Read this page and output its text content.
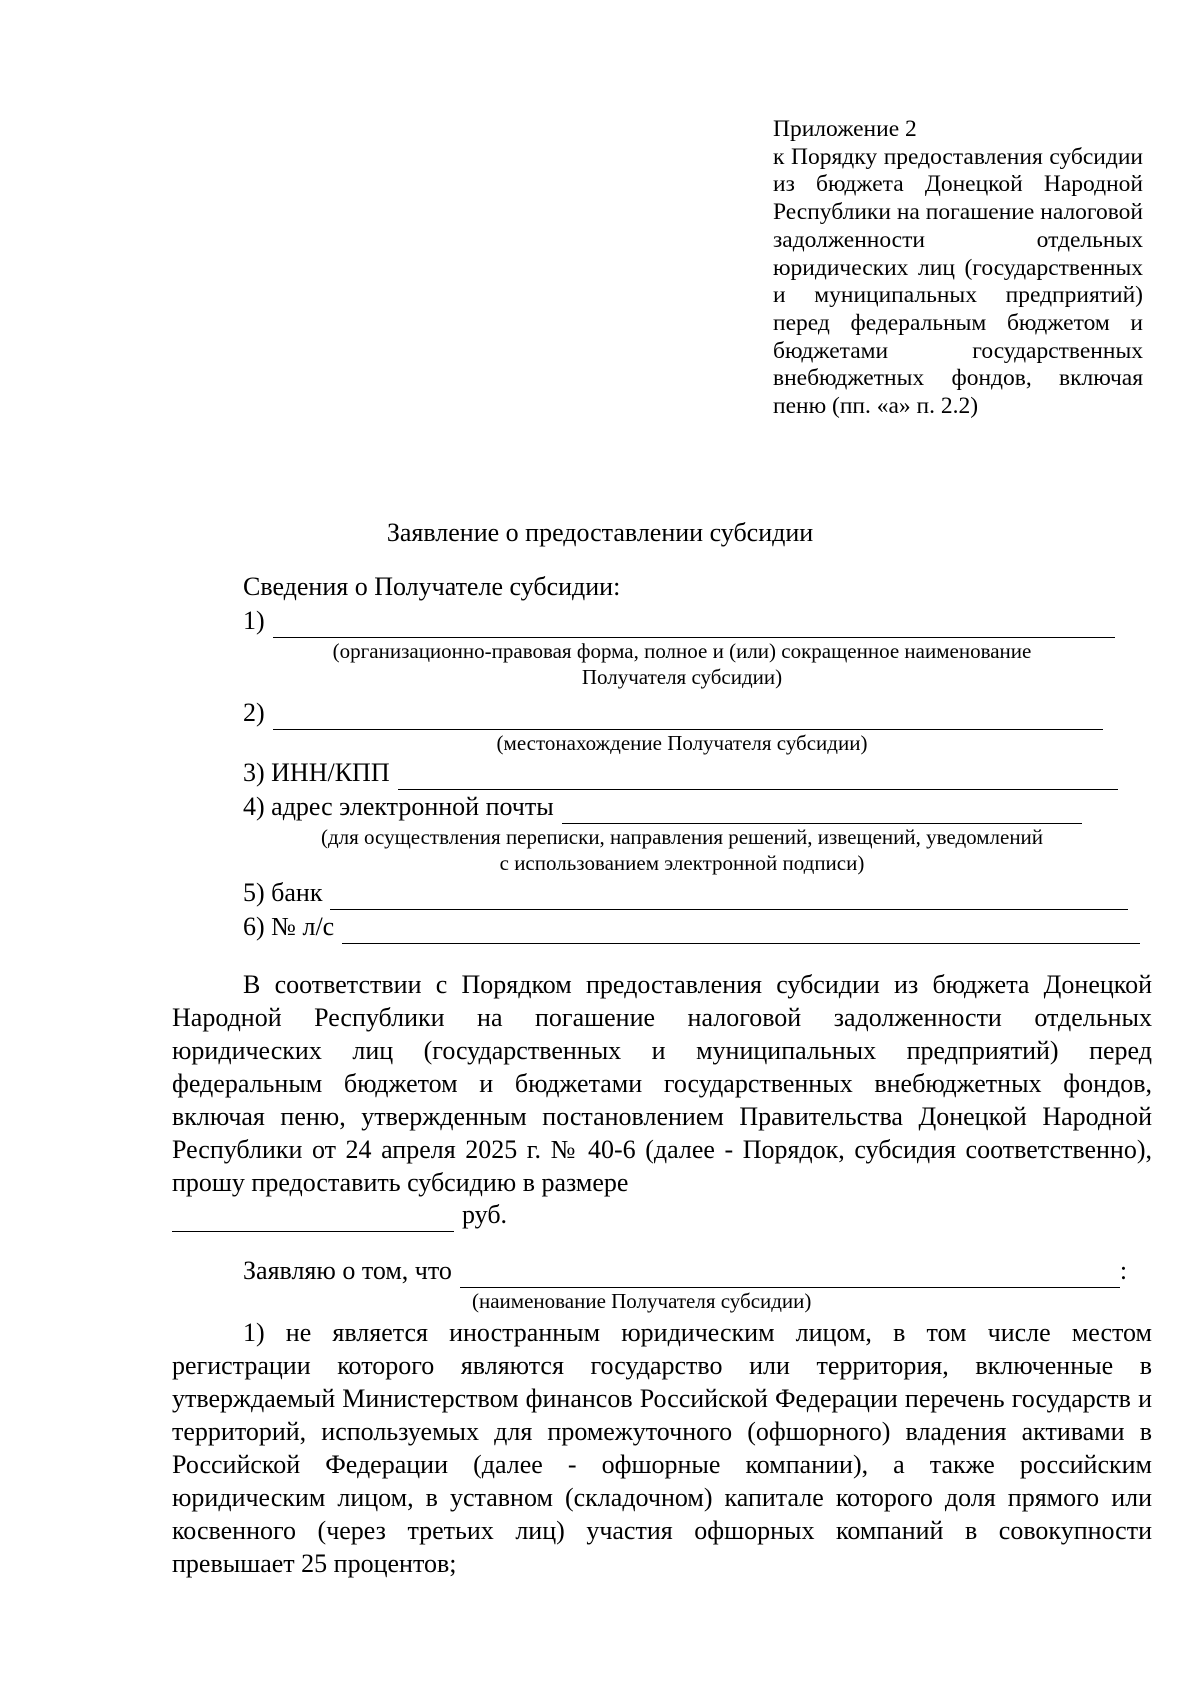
Приложение 2
к Порядку предоставления субсидии из бюджета Донецкой Народной Республики на погашение налоговой задолженности отдельных юридических лиц (государственных и муниципальных предприятий) перед федеральным бюджетом и бюджетами государственных внебюджетных фондов, включая пеню (пп. «а» п. 2.2)
Заявление о предоставлении субсидии
Сведения о Получателе субсидии:
1)
(организационно-правовая форма, полное и (или) сокращенное наименование
Получателя субсидии)
2)
(местонахождение Получателя субсидии)
3) ИНН/КПП
4) адрес электронной почты
(для осуществления переписки, направления решений, извещений, уведомлений
с использованием электронной подписи)
5) банк
6) № л/с

В соответствии с Порядком предоставления субсидии из бюджета Донецкой Народной Республики на погашение налоговой задолженности отдельных юридических лиц (государственных и муниципальных предприятий) перед федеральным бюджетом и бюджетами государственных внебюджетных фондов, включая пеню, утвержденным постановлением Правительства Донецкой Народной Республики от 24 апреля 2025 г. № 40-6 (далее - Порядок, субсидия соответственно), прошу предоставить субсидию в размере

руб.
Заявляю о том, что	:
(наименование Получателя субсидии)

1) не является иностранным юридическим лицом, в том числе местом регистрации которого являются государство или территория, включенные в утверждаемый Министерством финансов Российской Федерации перечень государств и территорий, используемых для промежуточного (офшорного) владения активами в Российской Федерации (далее - офшорные компании), а также российским юридическим лицом, в уставном (складочном) капитале которого доля прямого или косвенного (через третьих лиц) участия офшорных компаний в совокупности превышает 25 процентов;
